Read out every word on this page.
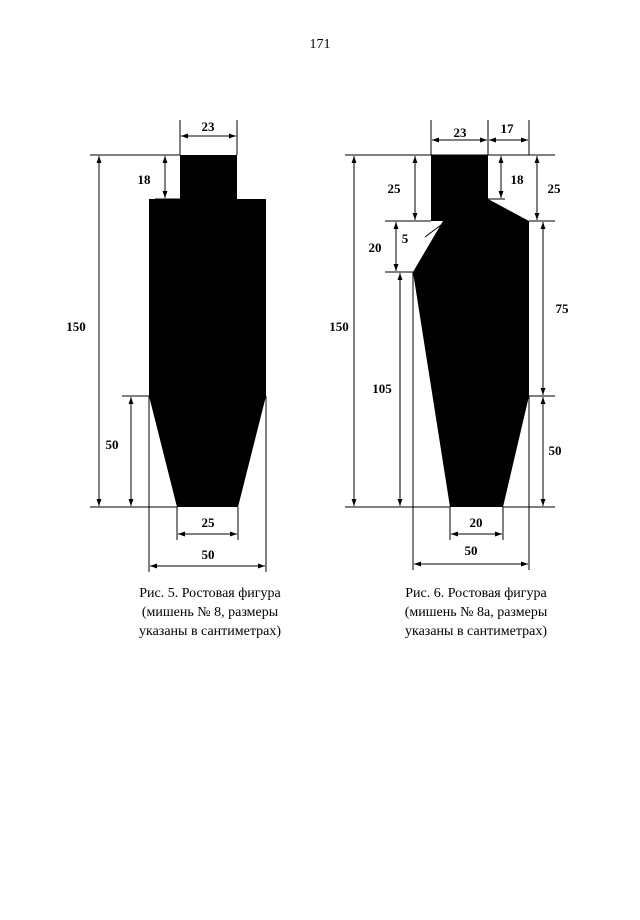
171
23
18
150
50
25
50
23	17
25
18
25
20
5
150
75
105
50
20
50
Рис. 5. Ростовая фигура
(мишень № 8, размеры
указаны в сантиметрах)
Рис. 6. Ростовая фигура
(мишень № 8а, размеры
указаны в сантиметрах)
